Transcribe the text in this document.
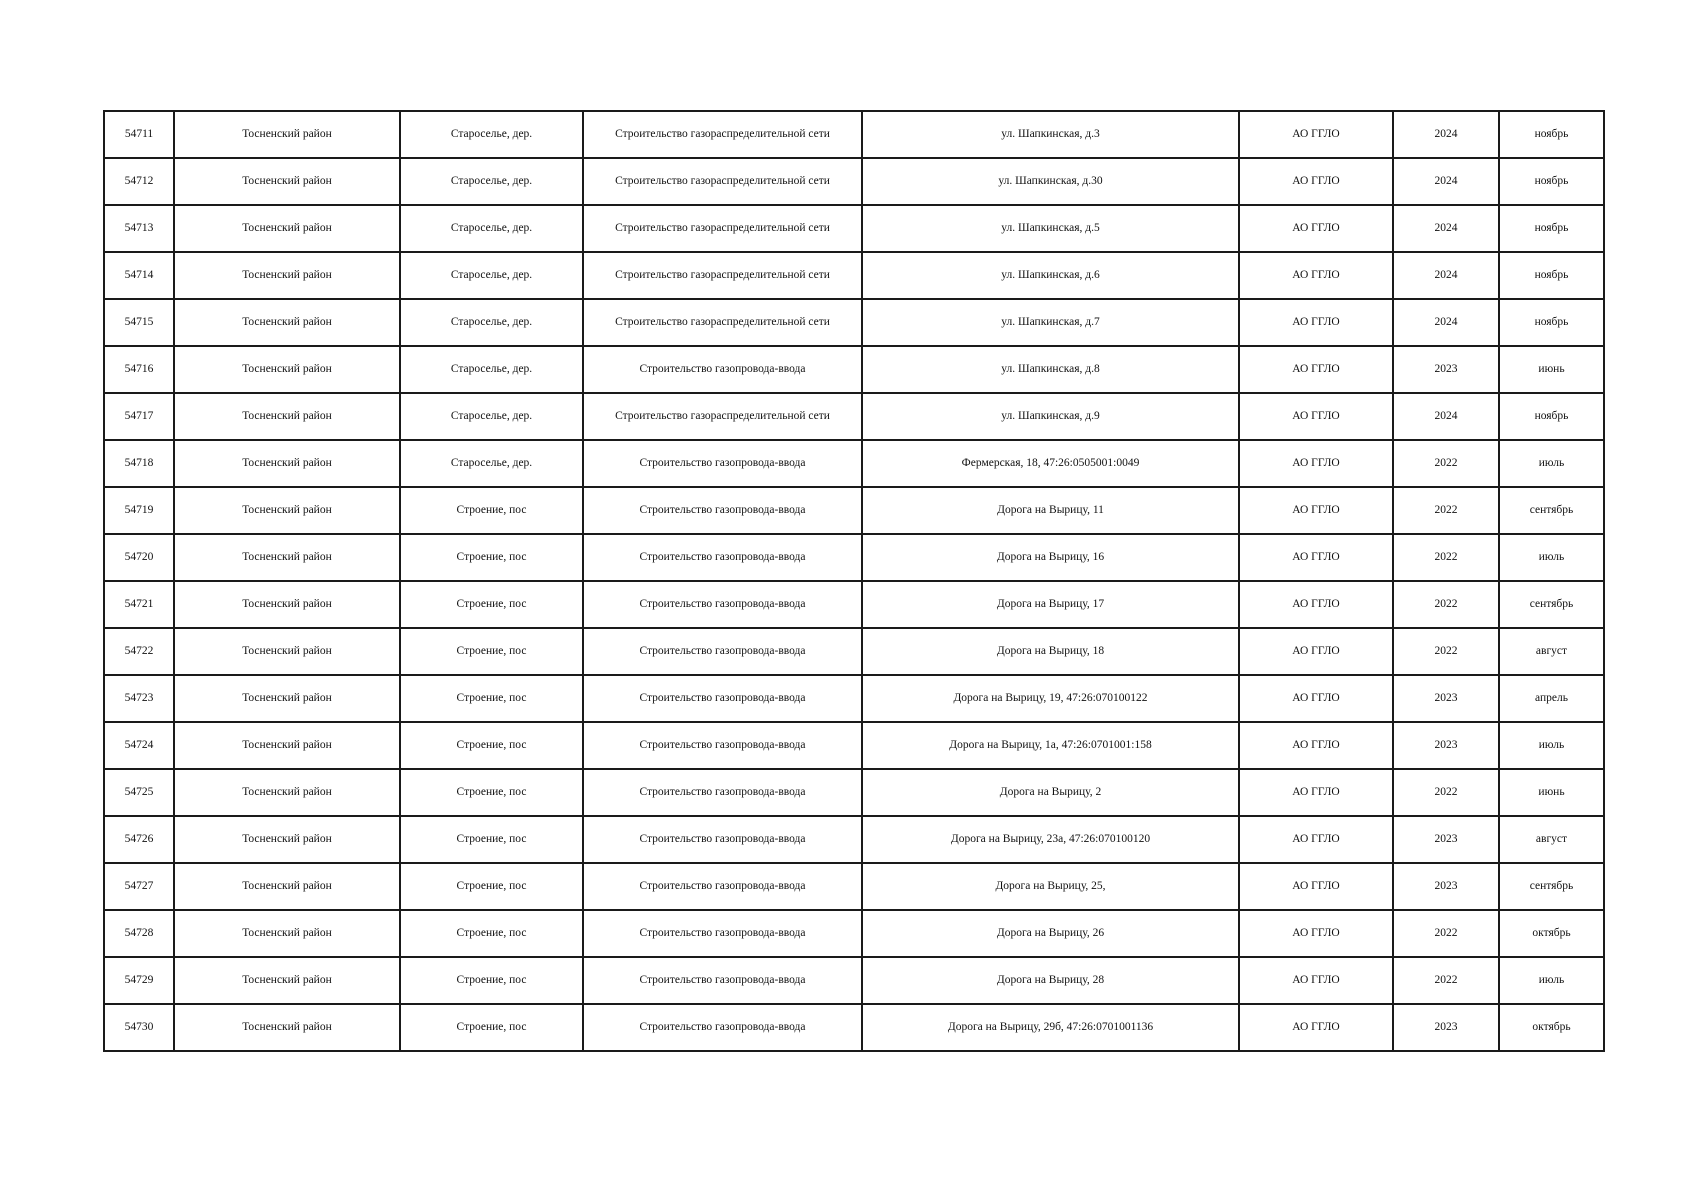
54711	Тосненский район	Староселье, дер.	Строительство газораспределительной сети	ул. Шапкинская, д.3	АО ГГЛО	2024	ноябрь
54712	Тосненский район	Староселье, дер.	Строительство газораспределительной сети	ул. Шапкинская, д.30	АО ГГЛО	2024	ноябрь
54713	Тосненский район	Староселье, дер.	Строительство газораспределительной сети	ул. Шапкинская, д.5	АО ГГЛО	2024	ноябрь
54714	Тосненский район	Староселье, дер.	Строительство газораспределительной сети	ул. Шапкинская, д.6	АО ГГЛО	2024	ноябрь
54715	Тосненский район	Староселье, дер.	Строительство газораспределительной сети	ул. Шапкинская, д.7	АО ГГЛО	2024	ноябрь
54716	Тосненский район	Староселье, дер.	Строительство газопровода-ввода	ул. Шапкинская, д.8	АО ГГЛО	2023	июнь
54717	Тосненский район	Староселье, дер.	Строительство газораспределительной сети	ул. Шапкинская, д.9	АО ГГЛО	2024	ноябрь
54718	Тосненский район	Староселье, дер.	Строительство газопровода-ввода	Фермерская, 18, 47:26:0505001:0049	АО ГГЛО	2022	июль
54719	Тосненский район	Строение, пос	Строительство газопровода-ввода	Дорога на Вырицу, 11	АО ГГЛО	2022	сентябрь
54720	Тосненский район	Строение, пос	Строительство газопровода-ввода	Дорога на Вырицу, 16	АО ГГЛО	2022	июль
54721	Тосненский район	Строение, пос	Строительство газопровода-ввода	Дорога на Вырицу, 17	АО ГГЛО	2022	сентябрь
54722	Тосненский район	Строение, пос	Строительство газопровода-ввода	Дорога на Вырицу, 18	АО ГГЛО	2022	август
54723	Тосненский район	Строение, пос	Строительство газопровода-ввода	Дорога на Вырицу, 19, 47:26:070100122	АО ГГЛО	2023	апрель
54724	Тосненский район	Строение, пос	Строительство газопровода-ввода	Дорога на Вырицу, 1а, 47:26:0701001:158	АО ГГЛО	2023	июль
54725	Тосненский район	Строение, пос	Строительство газопровода-ввода	Дорога на Вырицу, 2	АО ГГЛО	2022	июнь
54726	Тосненский район	Строение, пос	Строительство газопровода-ввода	Дорога на Вырицу, 23а, 47:26:070100120	АО ГГЛО	2023	август
54727	Тосненский район	Строение, пос	Строительство газопровода-ввода	Дорога на Вырицу, 25,	АО ГГЛО	2023	сентябрь
54728	Тосненский район	Строение, пос	Строительство газопровода-ввода	Дорога на Вырицу, 26	АО ГГЛО	2022	октябрь
54729	Тосненский район	Строение, пос	Строительство газопровода-ввода	Дорога на Вырицу, 28	АО ГГЛО	2022	июль
54730	Тосненский район	Строение, пос	Строительство газопровода-ввода	Дорога на Вырицу, 29б, 47:26:0701001136	АО ГГЛО	2023	октябрь
